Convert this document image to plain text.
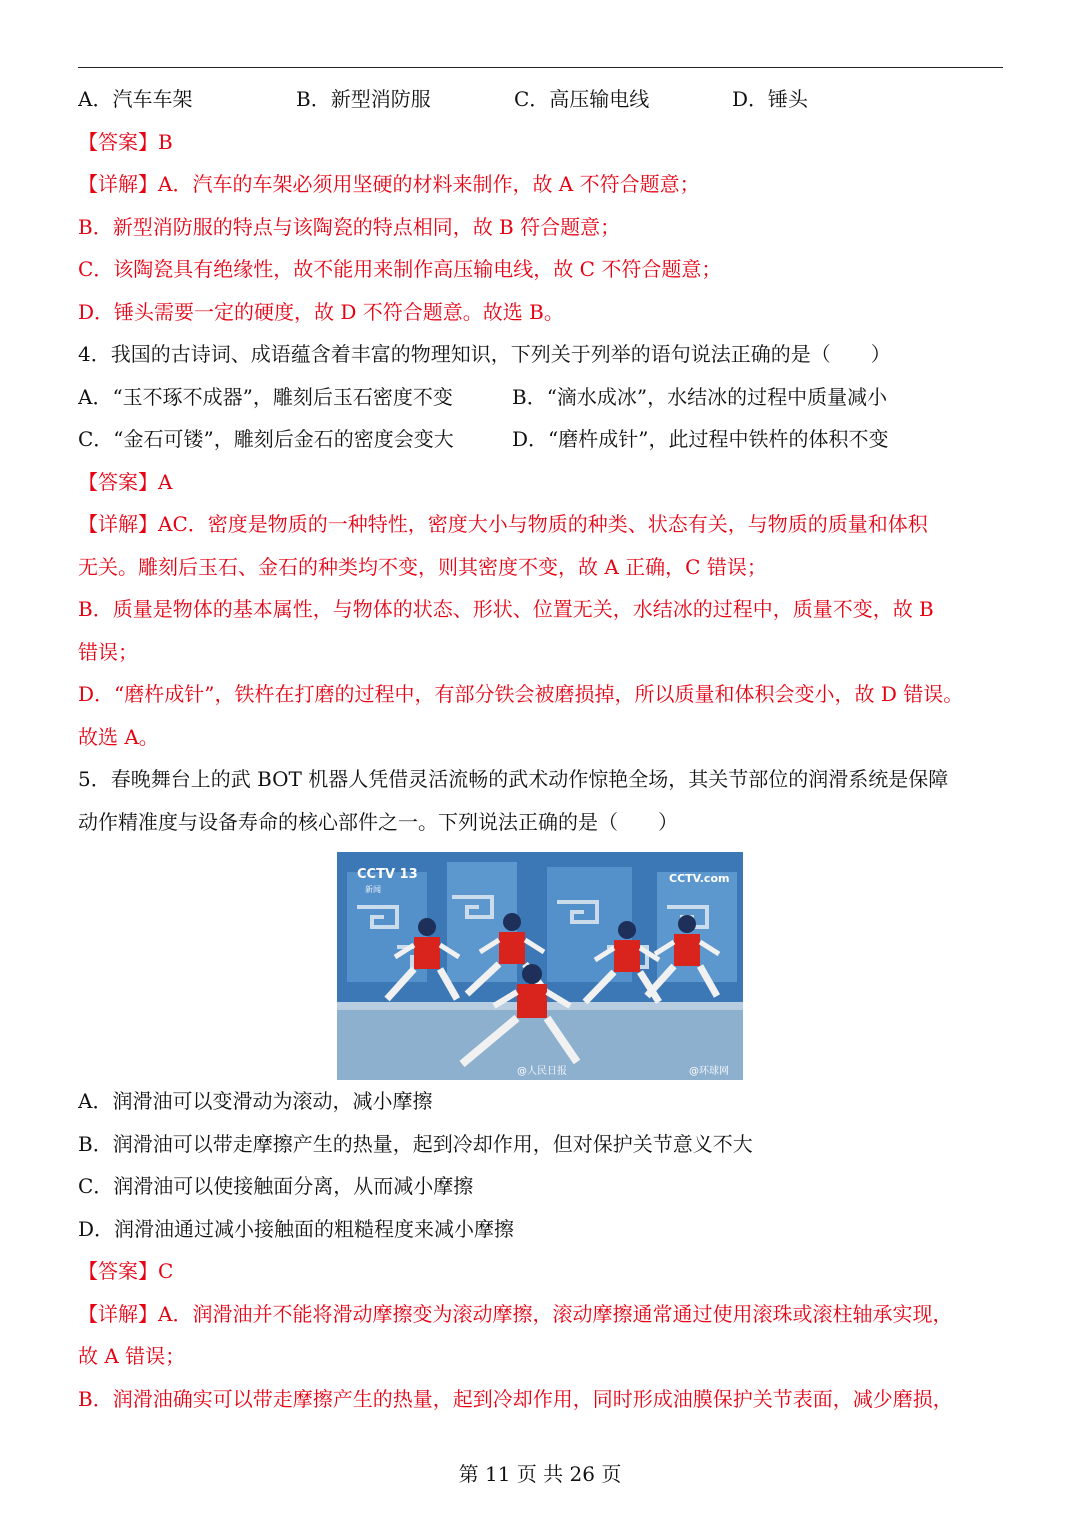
A．汽车车架	B．新型消防服	C．高压输电线	D．锤头
【答案】B
【详解】A．汽车的车架必须用坚硬的材料来制作，故 A 不符合题意；
B．新型消防服的特点与该陶瓷的特点相同，故 B 符合题意；
C．该陶瓷具有绝缘性，故不能用来制作高压输电线，故 C 不符合题意；
D．锤头需要一定的硬度，故 D 不符合题意。故选 B。
4．我国的古诗词、成语蕴含着丰富的物理知识，下列关于列举的语句说法正确的是（　　）
A．“玉不琢不成器”，雕刻后玉石密度不变	B．“滴水成冰”，水结冰的过程中质量减小
C．“金石可镂”，雕刻后金石的密度会变大	D．“磨杵成针”，此过程中铁杵的体积不变
【答案】A
【详解】AC．密度是物质的一种特性，密度大小与物质的种类、状态有关，与物质的质量和体积
无关。雕刻后玉石、金石的种类均不变，则其密度不变，故 A 正确，C 错误；
B．质量是物体的基本属性，与物体的状态、形状、位置无关，水结冰的过程中，质量不变，故 B
错误；
D．“磨杵成针”，铁杵在打磨的过程中，有部分铁会被磨损掉，所以质量和体积会变小，故 D 错误。
故选 A。
5．春晚舞台上的武 BOT 机器人凭借灵活流畅的武术动作惊艳全场，其关节部位的润滑系统是保障
动作精准度与设备寿命的核心部件之一。下列说法正确的是（　　）
CCTV 13
新闻
CCTV.com
@人民日报	@环球网
A．润滑油可以变滑动为滚动，减小摩擦
B．润滑油可以带走摩擦产生的热量，起到冷却作用，但对保护关节意义不大
C．润滑油可以使接触面分离，从而减小摩擦
D．润滑油通过减小接触面的粗糙程度来减小摩擦
【答案】C
【详解】A．润滑油并不能将滑动摩擦变为滚动摩擦，滚动摩擦通常通过使用滚珠或滚柱轴承实现，
故 A 错误；
B．润滑油确实可以带走摩擦产生的热量，起到冷却作用，同时形成油膜保护关节表面，减少磨损，
第 11 页 共 26 页
